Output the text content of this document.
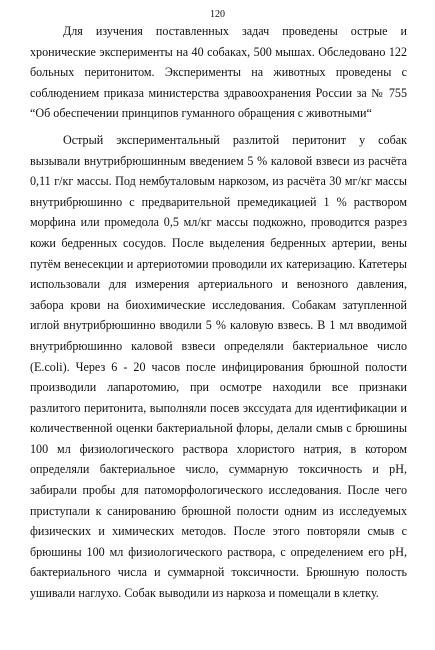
120

Для изучения поставленных задач проведены острые и хронические эксперименты на 40 собаках, 500 мышах. Обследовано 122 больных перитонитом. Эксперименты на животных проведены с соблюдением приказа министерства здравоохранения России за № 755 “Об обеспечении принципов гуманного обращения с животными“

Острый экспериментальный разлитой перитонит у собак вызывали внутрибрюшинным введением 5 % каловой взвеси из расчёта 0,11 г/кг массы. Под нембуталовым наркозом, из расчёта 30 мг/кг массы внутрибрюшинно с предварительной премедикацией 1 % раствором морфина или промедола 0,5 мл/кг массы подкожно, проводится разрез кожи бедренных сосудов. После выделения бедренных артерии, вены путём венесекции и артериотомии проводили их катеризацию. Катетеры использовали для измерения артериального и венозного давления, забора крови на биохимические исследования. Собакам затупленной иглой внутрибрюшинно вводили 5 % каловую взвесь. В 1 мл вводимой внутрибрюшинно каловой взвеси определяли бактериальное число (E.coli). Через 6 - 20 часов после инфицирования брюшной полости производили лапаротомию, при осмотре находили все признаки разлитого перитонита, выполняли посев экссудата для идентификации и количественной оценки бактериальной флоры, делали смыв с брюшины 100 мл физиологического раствора хлористого натрия, в котором определяли бактериальное число, суммарную токсичность и pH, забирали пробы для патоморфологического исследования. После чего приступали к санированию брюшной полости одним из исследуемых физических и химических методов. После этого повторяли смыв с брюшины 100 мл физиологического раствора, с определением его pH, бактериального числа и суммарной токсичности. Брюшную полость ушивали наглухо. Собак выводили из наркоза и помещали в клетку.
